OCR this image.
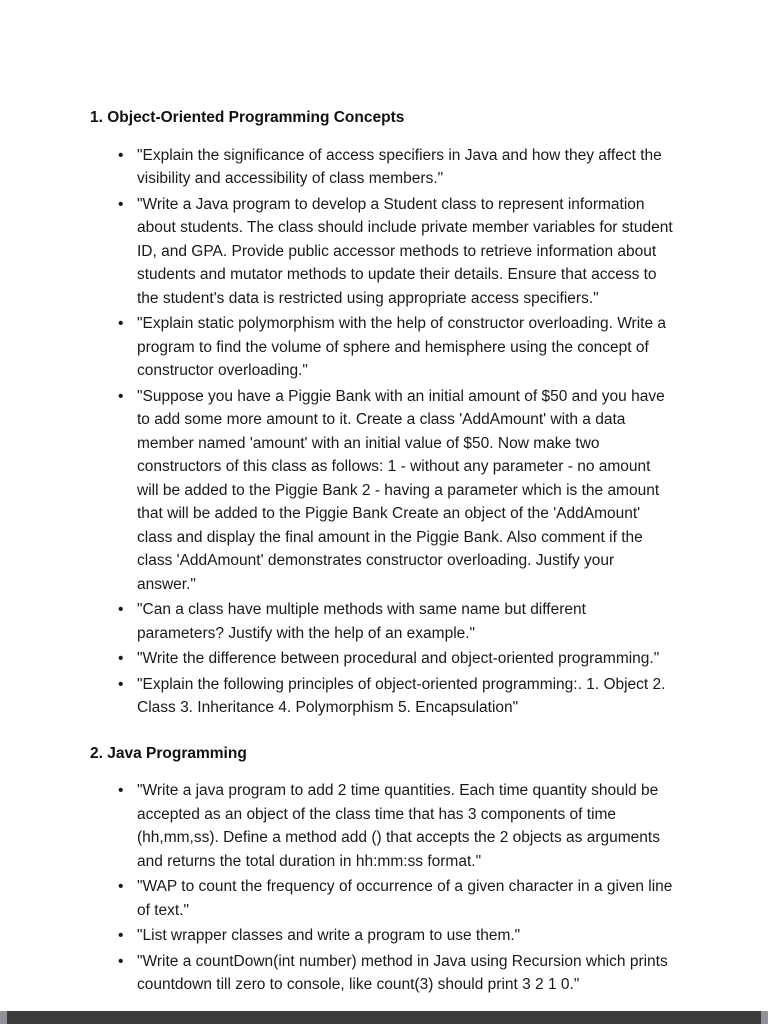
1. Object-Oriented Programming Concepts
• "Explain the significance of access specifiers in Java and how they affect the visibility and accessibility of class members."
• "Write a Java program to develop a Student class to represent information about students. The class should include private member variables for student ID, and GPA. Provide public accessor methods to retrieve information about students and mutator methods to update their details. Ensure that access to the student's data is restricted using appropriate access specifiers."
• "Explain static polymorphism with the help of constructor overloading. Write a program to find the volume of sphere and hemisphere using the concept of constructor overloading."
• "Suppose you have a Piggie Bank with an initial amount of $50 and you have to add some more amount to it. Create a class 'AddAmount' with a data member named 'amount' with an initial value of $50. Now make two constructors of this class as follows: 1 - without any parameter - no amount will be added to the Piggie Bank 2 - having a parameter which is the amount that will be added to the Piggie Bank Create an object of the 'AddAmount' class and display the final amount in the Piggie Bank. Also comment if the class 'AddAmount' demonstrates constructor overloading. Justify your answer."
• "Can a class have multiple methods with same name but different parameters? Justify with the help of an example."
• "Write the difference between procedural and object-oriented programming."
• "Explain the following principles of object-oriented programming:. 1. Object 2. Class 3. Inheritance 4. Polymorphism 5. Encapsulation"
2. Java Programming
• "Write a java program to add 2 time quantities. Each time quantity should be accepted as an object of the class time that has 3 components of time (hh,mm,ss). Define a method add () that accepts the 2 objects as arguments and returns the total duration in hh:mm:ss format."
• "WAP to count the frequency of occurrence of a given character in a given line of text."
• "List wrapper classes and write a program to use them."
• "Write a countDown(int number) method in Java using Recursion which prints countdown till zero to console, like count(3) should print 3 2 1 0."
